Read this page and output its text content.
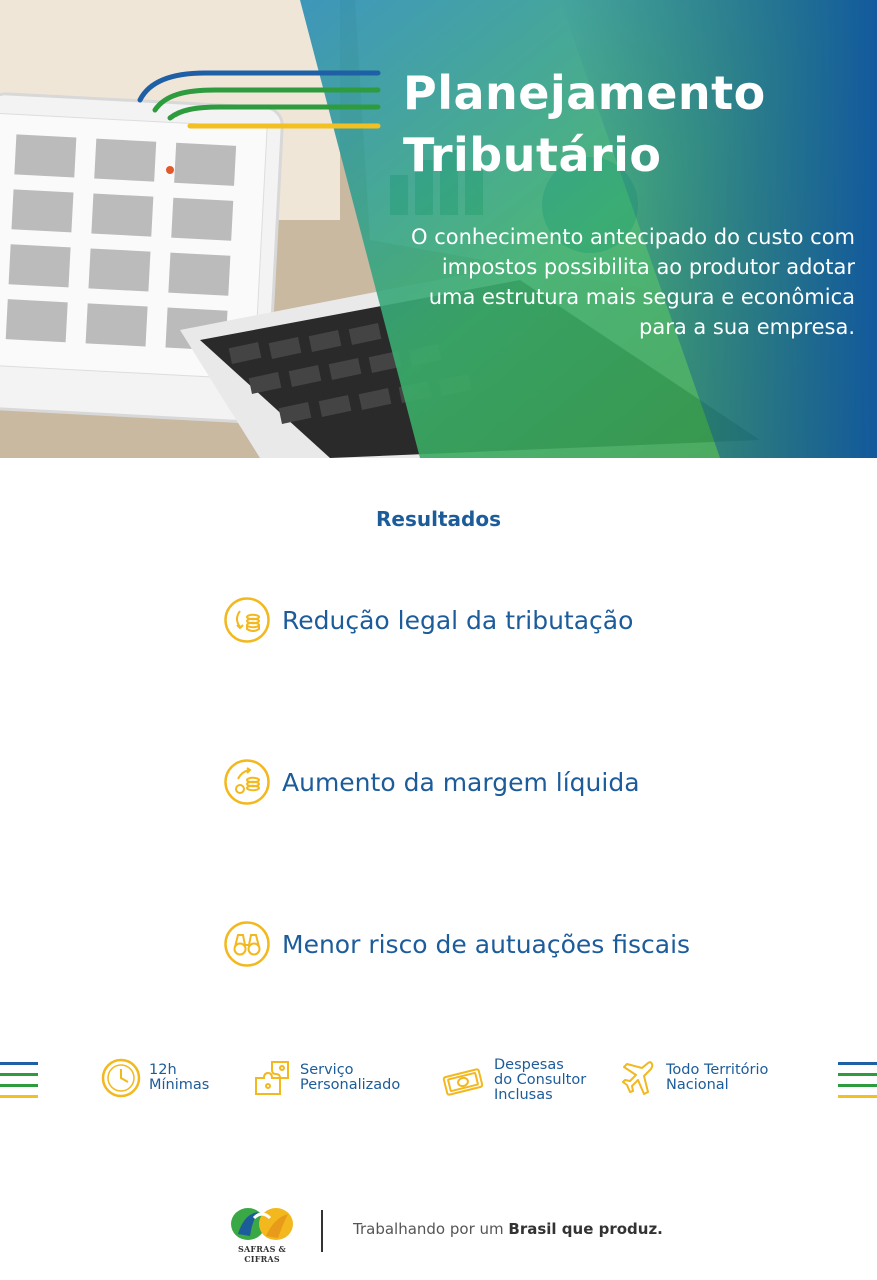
Planejamento
Tributário
O conhecimento antecipado do custo com impostos possibilita ao produtor adotar uma estrutura mais segura e econômica para a sua empresa.
Resultados
Redução legal da tributação
Aumento da margem líquida
Menor risco de autuações fiscais
12h
Mínimas
Serviço
Personalizado
Despesas
do Consultor
Inclusas
Todo Território
Nacional
SAFRAS & CIFRAS
Trabalhando por um Brasil que produz.
